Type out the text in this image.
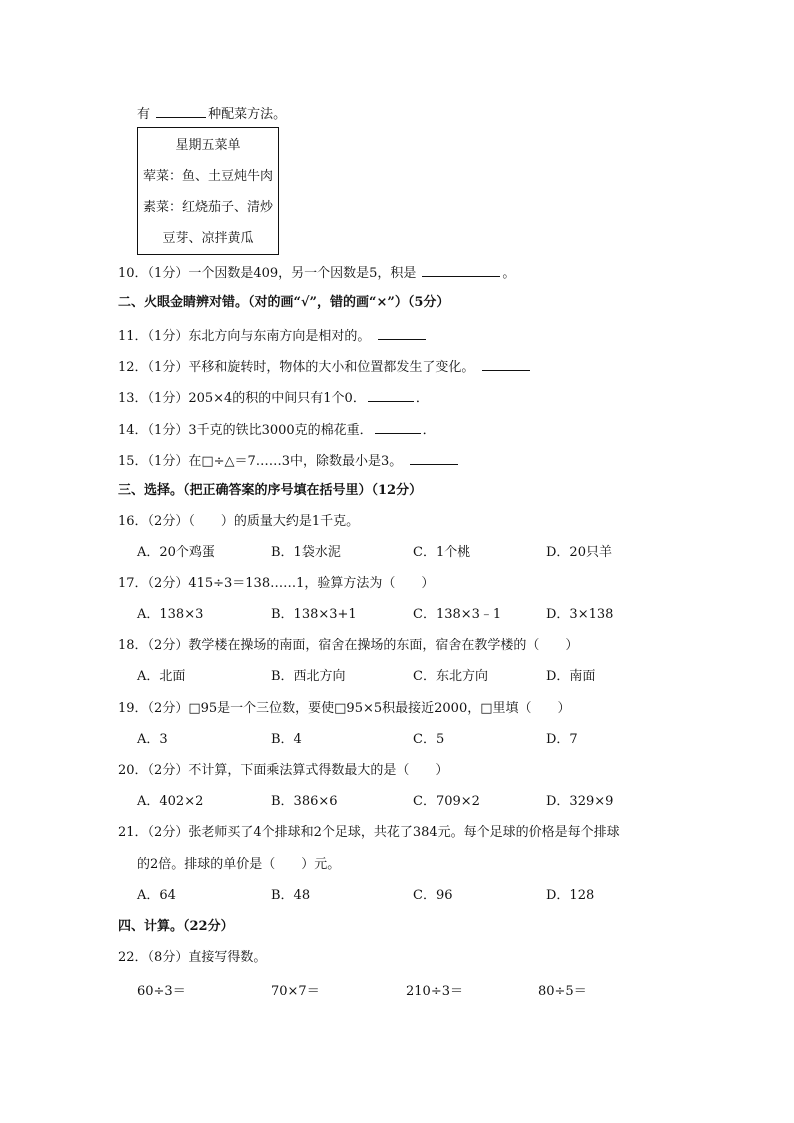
有	种配菜方法。
星期五菜单
荤菜：鱼、土豆炖牛肉
素菜：红烧茄子、清炒
豆芽、凉拌黄瓜
10．（1分）一个因数是409，另一个因数是5，积是	。
二、火眼金睛辨对错。（对的画“√”，错的画“×”）（5分）
11．（1分）东北方向与东南方向是相对的。
12．（1分）平移和旋转时，物体的大小和位置都发生了变化。
13．（1分）205×4的积的中间只有1个0．	．
14．（1分）3千克的铁比3000克的棉花重．	．
15．（1分）在□÷△＝7……3中，除数最小是3。
三、选择。（把正确答案的序号填在括号里）（12分）
16．（2分）（　　）的质量大约是1千克。
A．20个鸡蛋	B．1袋水泥	C．1个桃	D．20只羊
17．（2分）415÷3＝138……1，验算方法为（　　）
A．138×3	B．138×3+1	C．138×3﹣1	D．3×138
18．（2分）教学楼在操场的南面，宿舍在操场的东面，宿舍在教学楼的（　　）
A．北面	B．西北方向	C．东北方向	D．南面
19．（2分）□95是一个三位数，要使□95×5积最接近2000，□里填（　　）
A．3	B．4	C．5	D．7
20．（2分）不计算，下面乘法算式得数最大的是（　　）
A．402×2	B．386×6	C．709×2	D．329×9
21．（2分）张老师买了4个排球和2个足球，共花了384元。每个足球的价格是每个排球
的2倍。排球的单价是（　　）元。
A．64	B．48	C．96	D．128
四、计算。（22分）
22．（8分）直接写得数。
60÷3＝	70×7＝	210÷3＝	80÷5＝
